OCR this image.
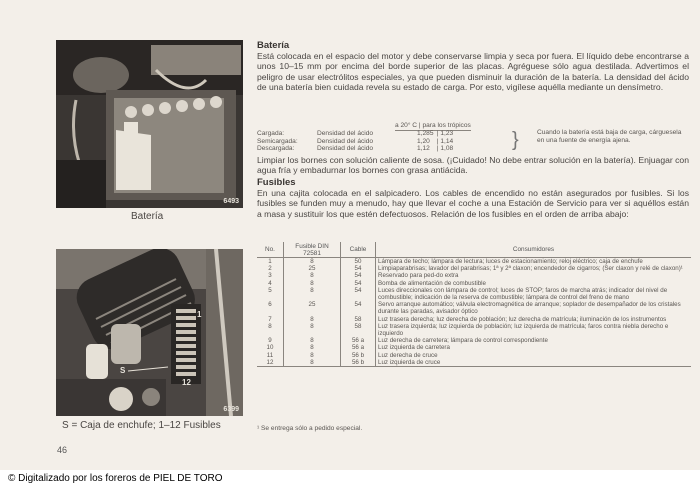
6493
Batería
S
1
12
6399
S = Caja de enchufe; 1–12 Fusibles
Batería

Está colocada en el espacio del motor y debe conservarse limpia y seca por fuera. El líquido debe encontrarse a unos 10–15 mm por encima del borde superior de las placas. Agréguese sólo agua destilada. Advertimos el peligro de usar electrólitos especiales, ya que pueden disminuir la duración de la batería. La densidad del ácido de una batería bien cuidada revela su estado de carga. Por esto, vigílese aquélla mediante un densímetro.

a 20° C | para los trópicos
Cargada:	Densidad del ácido	1,285 | 1,23
Semicargada:	Densidad del ácido	1,20 | 1,14
Descargada:	Densidad del ácido	1,12 | 1,08	}	Cuando la batería está baja de carga, cárguesela en una fuente de energía ajena.

Limpiar los bornes con solución caliente de sosa. (¡Cuidado! No debe entrar solución en la batería). Enjuagar con agua fría y embadurnar los bornes con grasa antiácida.

Fusibles

En una cajita colocada en el salpicadero. Los cables de encendido no están asegurados por fusibles. Si los fusibles se funden muy a menudo, hay que llevar el coche a una Estación de Servicio para ver si aquéllos están a masa y sustituir los que estén defectuosos. Relación de los fusibles en el orden de arriba abajo:

No.	Fusible DIN 72581	Cable	Consumidores
1	8	50	Lámpara de techo; lámpara de lectura; luces de estacionamiento; reloj eléctrico; caja de enchufe
2	25	54	Limpiaparabrisas; lavador del parabrisas; 1ª y 2ª claxon; encendedor de cigarros; (Ser claxon y relé de claxon)¹
3	8	54	Reservado para ped-do extra
4	8	54	Bomba de alimentación de combustible
5	8	54	Luces direccionales con lámpara de control; luces de STOP; faros de marcha atrás; indicador del nivel de combustible; indicación de la reserva de combustible; lámpara de control del freno de mano
6	25	54	Servo arranque automático; válvula electromagnética de arranque; soplador de desempañador de los cristales durante las paradas, avisador óptico
7	8	58	Luz trasera derecha; luz derecha de población; luz derecha de matrícula; iluminación de los instrumentos
8	8	58	Luz trasera izquierda; luz izquierda de población; luz izquierda de matrícula; faros contra niebla derecho e izquierdo
9	8	56 a	Luz derecha de carretera; lámpara de control correspondiente
10	8	56 a	Luz izquierda de carretera
11	8	56 b	Luz derecha de cruce
12	8	56 b	Luz izquierda de cruce
¹ Se entrega sólo a pedido especial.
46
© Digitalizado por los foreros de PIEL DE TORO
